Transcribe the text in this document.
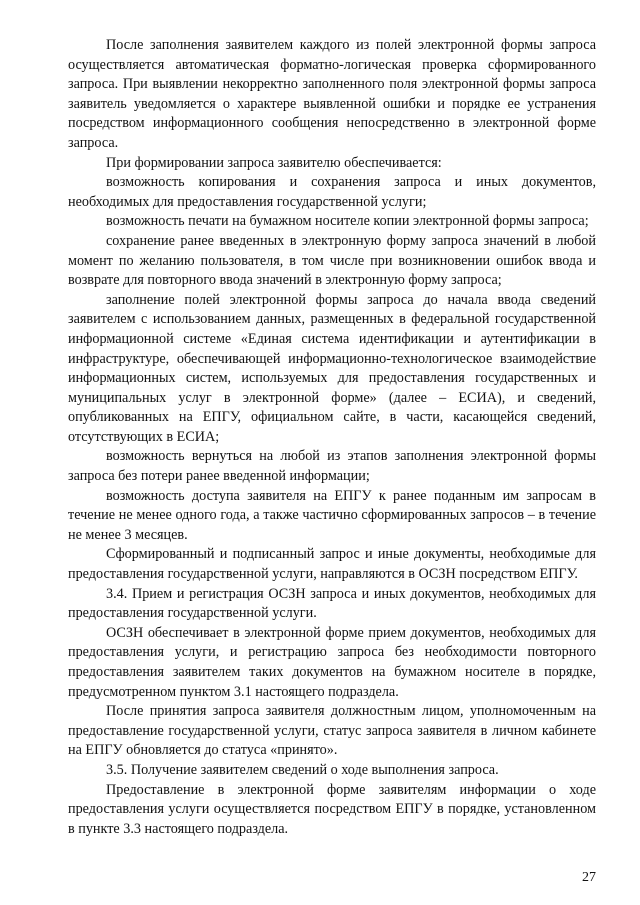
После заполнения заявителем каждого из полей электронной формы запроса осуществляется автоматическая форматно-логическая проверка сформированного запроса. При выявлении некорректно заполненного поля электронной формы запроса заявитель уведомляется о характере выявленной ошибки и порядке ее устранения посредством информационного сообщения непосредственно в электронной форме запроса.

При формировании запроса заявителю обеспечивается:

возможность копирования и сохранения запроса и иных документов, необходимых для предоставления государственной услуги;

возможность печати на бумажном носителе копии электронной формы запроса;

сохранение ранее введенных в электронную форму запроса значений в любой момент по желанию пользователя, в том числе при возникновении ошибок ввода и возврате для повторного ввода значений в электронную форму запроса;

заполнение полей электронной формы запроса до начала ввода сведений заявителем с использованием данных, размещенных в федеральной государственной информационной системе «Единая система идентификации и аутентификации в инфраструктуре, обеспечивающей информационно-технологическое взаимодействие информационных систем, используемых для предоставления государственных и муниципальных услуг в электронной форме» (далее – ЕСИА), и сведений, опубликованных на ЕПГУ, официальном сайте, в части, касающейся сведений, отсутствующих в ЕСИА;

возможность вернуться на любой из этапов заполнения электронной формы запроса без потери ранее введенной информации;

возможность доступа заявителя на ЕПГУ к ранее поданным им запросам в течение не менее одного года, а также частично сформированных запросов – в течение не менее 3 месяцев.

Сформированный и подписанный запрос и иные документы, необходимые для предоставления государственной услуги, направляются в ОСЗН посредством ЕПГУ.

3.4. Прием и регистрация ОСЗН запроса и иных документов, необходимых для предоставления государственной услуги.

ОСЗН обеспечивает в электронной форме прием документов, необходимых для предоставления услуги, и регистрацию запроса без необходимости повторного предоставления заявителем таких документов на бумажном носителе в порядке, предусмотренном пунктом 3.1 настоящего подраздела.

После принятия запроса заявителя должностным лицом, уполномоченным на предоставление государственной услуги, статус запроса заявителя в личном кабинете на ЕПГУ обновляется до статуса «принято».

3.5. Получение заявителем сведений о ходе выполнения запроса.

Предоставление в электронной форме заявителям информации о ходе предоставления услуги осуществляется посредством ЕПГУ в порядке, установленном в пункте 3.3 настоящего подраздела.

27
